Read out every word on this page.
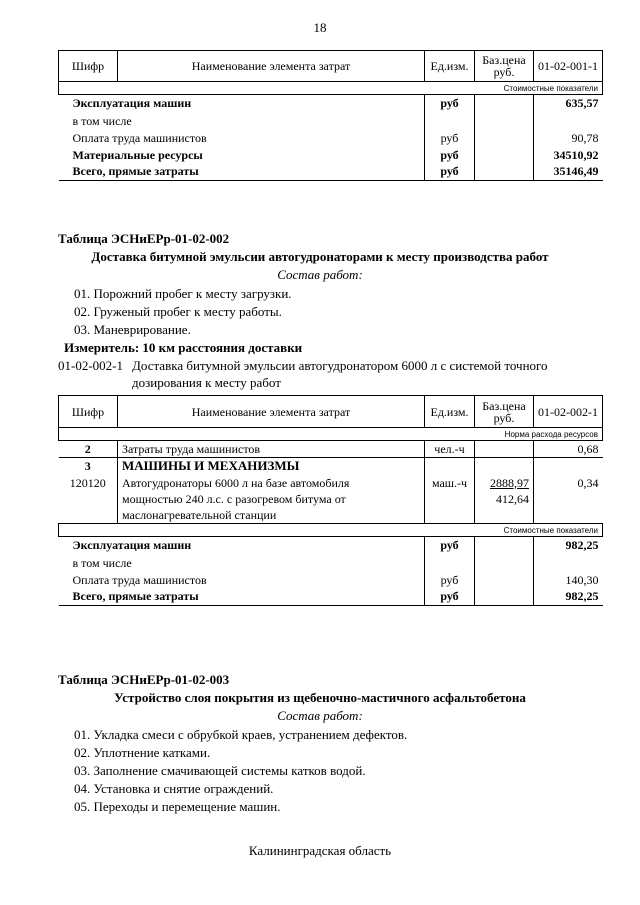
18
Шифр	Наименование элемента затрат	Ед.изм.	Баз.цена руб.	01-02-001-1
Стоимостные показатели				
Эксплуатация машин		руб		635,57
в том числе				
Оплата труда машинистов		руб		90,78
Материальные ресурсы		руб		34510,92
Всего, прямые затраты		руб		35146,49
Таблица ЭСНиЕРр-01-02-002
Доставка битумной эмульсии автогудронаторами к месту производства работ
Состав работ:
01. Порожний пробег к месту загрузки.
02. Груженый пробег к месту работы.
03. Маневрирование.
Измеритель: 10 км расстояния доставки
01-02-002-1 Доставка битумной эмульсии автогудронатором 6000 л с системой точного
дозирования к месту работ
Шифр	Наименование элемента затрат	Ед.изм.	Баз.цена руб.	01-02-002-1
Норма расхода ресурсов				
2	Затраты труда машинистов	чел.-ч		0,68
3	МАШИНЫ И МЕХАНИЗМЫ			
120120	Автогудронаторы 6000 л на базе автомобиля	маш.-ч	2888,97	0,34
	мощностью 240 л.с. с разогревом битума от		412,64	
	маслонагревательной станции			
Стоимостные показатели				
Эксплуатация машин		руб		982,25
в том числе				
Оплата труда машинистов		руб		140,30
Всего, прямые затраты		руб		982,25
Таблица ЭСНиЕРр-01-02-003
Устройство слоя покрытия из щебеночно-мастичного асфальтобетона
Состав работ:
01. Укладка смеси с обрубкой краев, устранением дефектов.
02. Уплотнение катками.
03. Заполнение смачивающей системы катков водой.
04. Установка и снятие ограждений.
05. Переходы и перемещение машин.
Калининградская область
